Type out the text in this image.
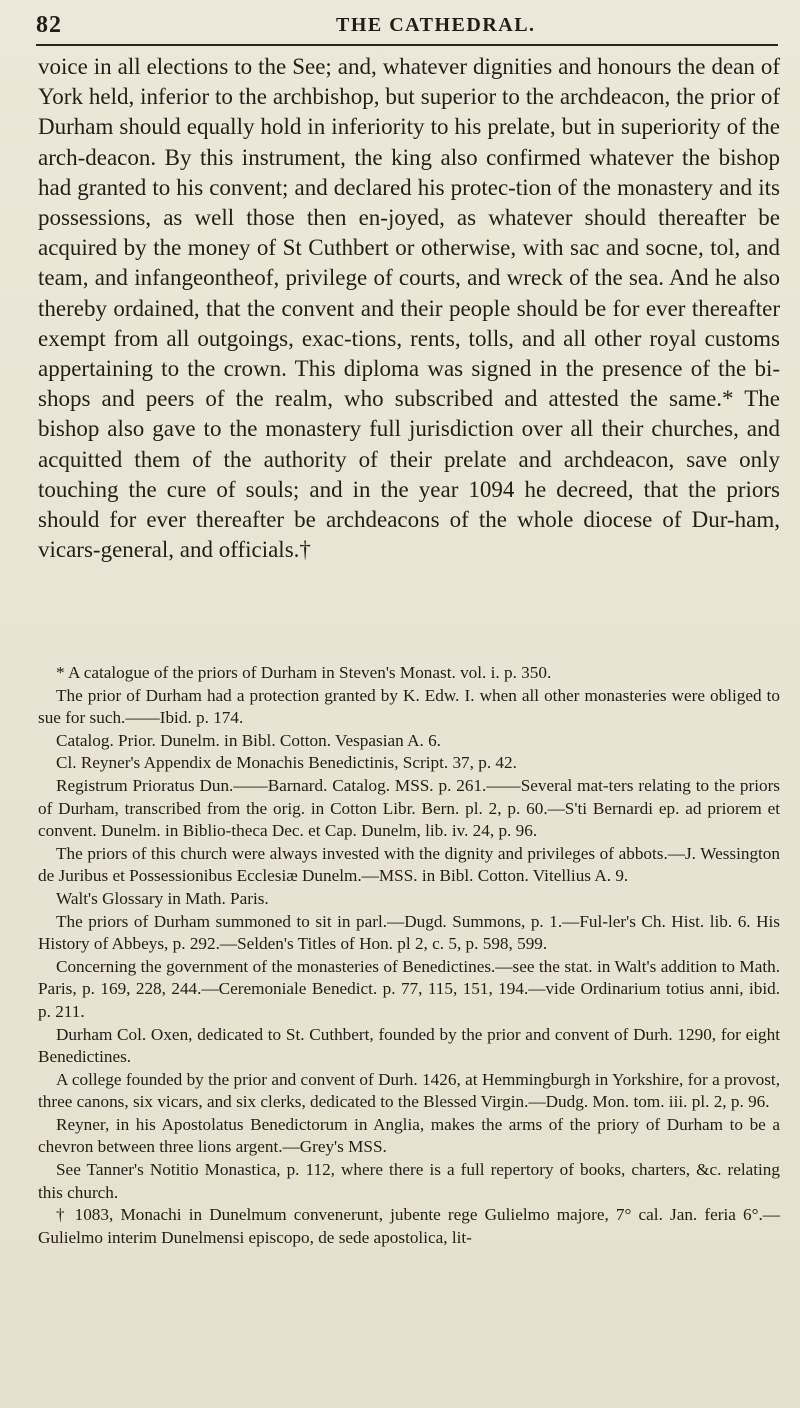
82	THE CATHEDRAL.

voice in all elections to the See; and, whatever dignities and honours the dean of York held, inferior to the archbishop, but superior to the archdeacon, the prior of Durham should equally hold in inferiority to his prelate, but in superiority of the arch-deacon. By this instrument, the king also confirmed whatever the bishop had granted to his convent; and declared his protec-tion of the monastery and its possessions, as well those then en-joyed, as whatever should thereafter be acquired by the money of St Cuthbert or otherwise, with sac and socne, tol, and team, and infangeontheof, privilege of courts, and wreck of the sea. And he also thereby ordained, that the convent and their people should be for ever thereafter exempt from all outgoings, exac-tions, rents, tolls, and all other royal customs appertaining to the crown. This diploma was signed in the presence of the bi-shops and peers of the realm, who subscribed and attested the same.* The bishop also gave to the monastery full jurisdiction over all their churches, and acquitted them of the authority of their prelate and archdeacon, save only touching the cure of souls; and in the year 1094 he decreed, that the priors should for ever thereafter be archdeacons of the whole diocese of Dur-ham, vicars-general, and officials.†

* A catalogue of the priors of Durham in Steven's Monast. vol. i. p. 350.

The prior of Durham had a protection granted by K. Edw. I. when all other monasteries were obliged to sue for such.——Ibid. p. 174.

Catalog. Prior. Dunelm. in Bibl. Cotton. Vespasian A. 6.

Cl. Reyner's Appendix de Monachis Benedictinis, Script. 37, p. 42.

Registrum Prioratus Dun.——Barnard. Catalog. MSS. p. 261.——Several mat-ters relating to the priors of Durham, transcribed from the orig. in Cotton Libr. Bern. pl. 2, p. 60.—S'ti Bernardi ep. ad priorem et convent. Dunelm. in Biblio-theca Dec. et Cap. Dunelm, lib. iv. 24, p. 96.

The priors of this church were always invested with the dignity and privileges of abbots.—J. Wessington de Juribus et Possessionibus Ecclesiæ Dunelm.—MSS. in Bibl. Cotton. Vitellius A. 9.

Walt's Glossary in Math. Paris.

The priors of Durham summoned to sit in parl.—Dugd. Summons, p. 1.—Ful-ler's Ch. Hist. lib. 6. His History of Abbeys, p. 292.—Selden's Titles of Hon. pl 2, c. 5, p. 598, 599.

Concerning the government of the monasteries of Benedictines.—see the stat. in Walt's addition to Math. Paris, p. 169, 228, 244.—Ceremoniale Benedict. p. 77, 115, 151, 194.—vide Ordinarium totius anni, ibid. p. 211.

Durham Col. Oxen, dedicated to St. Cuthbert, founded by the prior and convent of Durh. 1290, for eight Benedictines.

A college founded by the prior and convent of Durh. 1426, at Hemmingburgh in Yorkshire, for a provost, three canons, six vicars, and six clerks, dedicated to the Blessed Virgin.—Dudg. Mon. tom. iii. pl. 2, p. 96.

Reyner, in his Apostolatus Benedictorum in Anglia, makes the arms of the priory of Durham to be a chevron between three lions argent.—Grey's MSS.

See Tanner's Notitio Monastica, p. 112, where there is a full repertory of books, charters, &c. relating this church.

† 1083, Monachi in Dunelmum convenerunt, jubente rege Gulielmo majore, 7° cal. Jan. feria 6°.—Gulielmo interim Dunelmensi episcopo, de sede apostolica, lit-
